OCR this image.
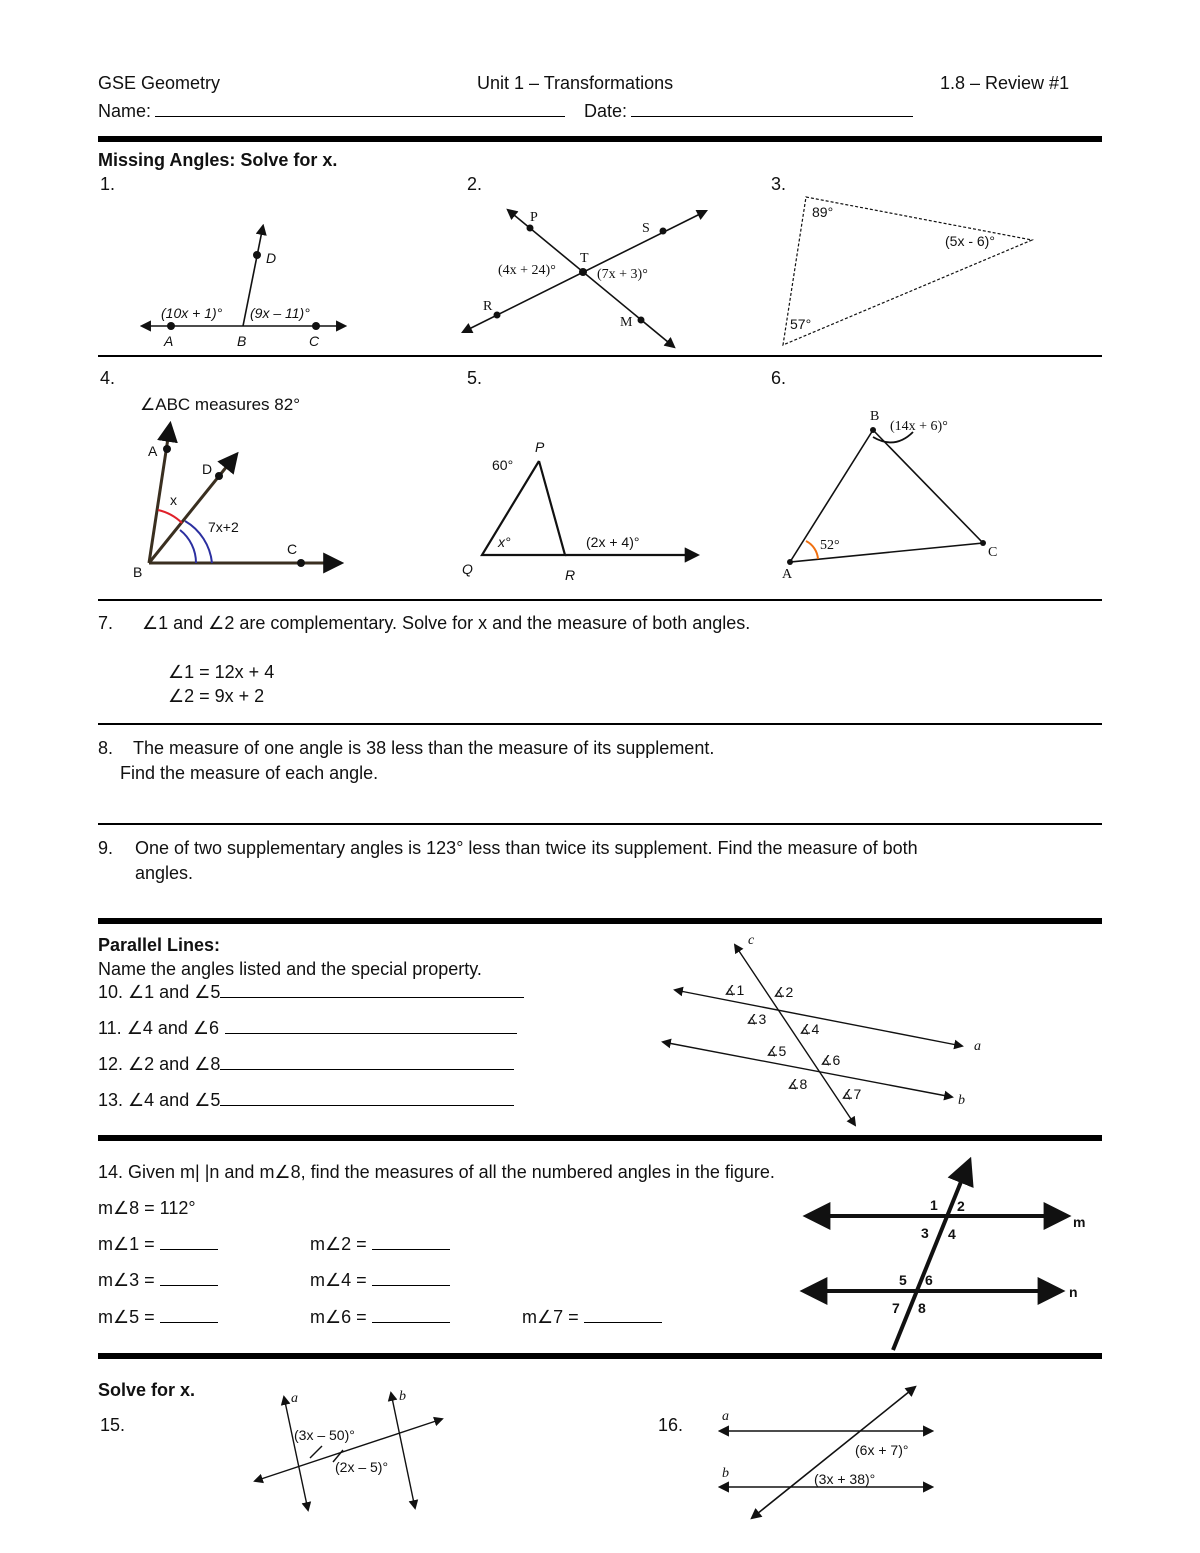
GSE Geometry	Unit 1 – Transformations	1.8 – Review #1
Name:	Date:
Missing Angles: Solve for x.
1.	2.	3.
4.	5.	6.
∠ABC measures 82°
7. ∠1 and ∠2 are complementary. Solve for x and the measure of both angles.
∠1 = 12x + 4
∠2 = 9x + 2
8. The measure of one angle is 38 less than the measure of its supplement.
Find the measure of each angle.
9. One of two supplementary angles is 123° less than twice its supplement. Find the measure of both
angles.
Parallel Lines:
Name the angles listed and the special property.
10. ∠1 and ∠5
11. ∠4 and ∠6
12. ∠2 and ∠8
13. ∠4 and ∠5
14. Given m| |n and m∠8, find the measures of all the numbered angles in the figure.
m∠8 = 112°
m∠1 =	m∠2 =
m∠3 =	m∠4 =
m∠5 =	m∠6 =	m∠7 =
Solve for x.
15.	16.
(10x + 1)° (9x – 11)°
A	B	C
D
P
S
T
R
M
(4x + 24)°	(7x + 3)°
89°
(5x - 6)°
57°
A
D
B
C
x
7x+2
P
60°
x°	(2x + 4)°
Q	R
(14x + 6)°
52°
A
B
C
c
a
b
∡1 ∡2
∡3
∡4
∡5
∡6
∡7
∡8
m
n
1 2
3 4
5 6
7 8
a	b
(3x – 50)°
(2x – 5)°
a
b
(6x + 7)°
(3x + 38)°
